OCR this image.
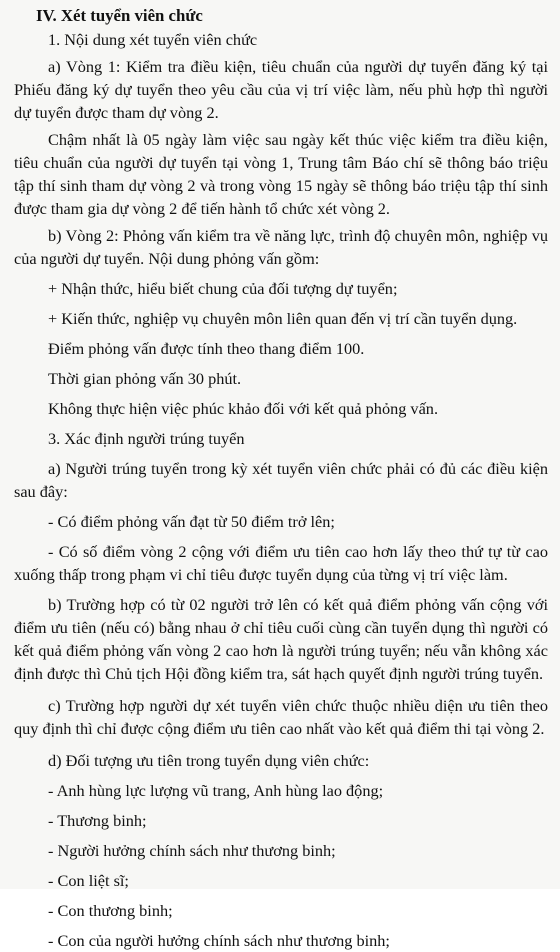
IV. Xét tuyển viên chức

1. Nội dung xét tuyển viên chức

a) Vòng 1: Kiểm tra điều kiện, tiêu chuẩn của người dự tuyển đăng ký tại Phiếu đăng ký dự tuyển theo yêu cầu của vị trí việc làm, nếu phù hợp thì người dự tuyển được tham dự vòng 2.

Chậm nhất là 05 ngày làm việc sau ngày kết thúc việc kiểm tra điều kiện, tiêu chuẩn của người dự tuyển tại vòng 1, Trung tâm Báo chí sẽ thông báo triệu tập thí sinh tham dự vòng 2 và trong vòng 15 ngày sẽ thông báo triệu tập thí sinh được tham gia dự vòng 2 để tiến hành tổ chức xét vòng 2.

b) Vòng 2: Phỏng vấn kiểm tra về năng lực, trình độ chuyên môn, nghiệp vụ của người dự tuyển. Nội dung phỏng vấn gồm:

+ Nhận thức, hiểu biết chung của đối tượng dự tuyển;

+ Kiến thức, nghiệp vụ chuyên môn liên quan đến vị trí cần tuyển dụng.

Điểm phỏng vấn được tính theo thang điểm 100.

Thời gian phỏng vấn 30 phút.

Không thực hiện việc phúc khảo đối với kết quả phỏng vấn.

3. Xác định người trúng tuyển

a) Người trúng tuyển trong kỳ xét tuyển viên chức phải có đủ các điều kiện sau đây:

- Có điểm phỏng vấn đạt từ 50 điểm trở lên;

- Có số điểm vòng 2 cộng với điểm ưu tiên cao hơn lấy theo thứ tự từ cao xuống thấp trong phạm vi chỉ tiêu được tuyển dụng của từng vị trí việc làm.

b) Trường hợp có từ 02 người trở lên có kết quả điểm phỏng vấn cộng với điểm ưu tiên (nếu có) bằng nhau ở chỉ tiêu cuối cùng cần tuyển dụng thì người có kết quả điểm phỏng vấn vòng 2 cao hơn là người trúng tuyển; nếu vẫn không xác định được thì Chủ tịch Hội đồng kiểm tra, sát hạch quyết định người trúng tuyển.

c) Trường hợp người dự xét tuyển viên chức thuộc nhiều diện ưu tiên theo quy định thì chỉ được cộng điểm ưu tiên cao nhất vào kết quả điểm thi tại vòng 2.

d) Đối tượng ưu tiên trong tuyển dụng viên chức:

- Anh hùng lực lượng vũ trang, Anh hùng lao động;

- Thương binh;

- Người hưởng chính sách như thương binh;

- Con liệt sĩ;

- Con thương binh;

- Con của người hưởng chính sách như thương binh;
